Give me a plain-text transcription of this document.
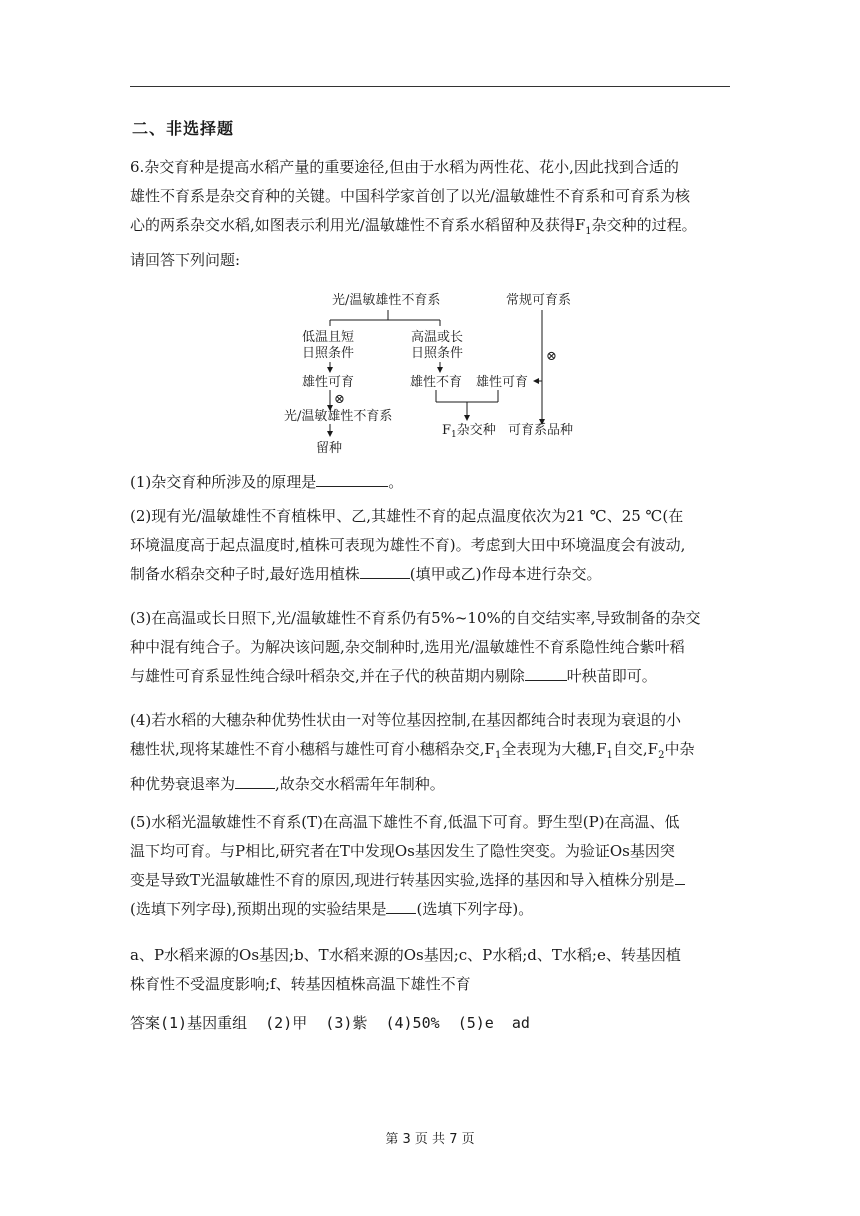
二、非选择题
6.杂交育种是提高水稻产量的重要途径,但由于水稻为两性花、花小,因此找到合适的
雄性不育系是杂交育种的关键。中国科学家首创了以光/温敏雄性不育系和可育系为核
心的两系杂交水稻,如图表示利用光/温敏雄性不育系水稻留种及获得$F_1$杂交种的过程。
请回答下列问题:
光/温敏雄性不育系	常规可育系
低温且短
日照条件
高温或长
日照条件
雄性可育	雄性不育 雄性可育
⊗
光/温敏雄性不育系
留种
⊗
$F_1$杂交种 可育系品种
(1)杂交育种所涉及的原理是	。
(2)现有光/温敏雄性不育植株甲、乙,其雄性不育的起点温度依次为21 ℃、25 ℃(在
环境温度高于起点温度时,植株可表现为雄性不育)。考虑到大田中环境温度会有波动,
制备水稻杂交种子时,最好选用植株	(填甲或乙)作母本进行杂交。
(3)在高温或长日照下,光/温敏雄性不育系仍有5%~10%的自交结实率,导致制备的杂交
种中混有纯合子。为解决该问题,杂交制种时,选用光/温敏雄性不育系隐性纯合紫叶稻
与雄性可育系显性纯合绿叶稻杂交,并在子代的秧苗期内剔除	叶秧苗即可。
(4)若水稻的大穗杂种优势性状由一对等位基因控制,在基因都纯合时表现为衰退的小
穗性状,现将某雄性不育小穗稻与雄性可育小穗稻杂交$,F_1$全表现为大穗$,F_1$自交$,F_2$中杂
种优势衰退率为	,故杂交水稻需年年制种。
(5)水稻光温敏雄性不育系(T)在高温下雄性不育,低温下可育。野生型(P)在高温、低
温下均可育。与P相比,研究者在T中发现Os基因发生了隐性突变。为验证Os基因突
变是导致T光温敏雄性不育的原因,现进行转基因实验,选择的基因和导入植株分别是
(选填下列字母),预期出现的实验结果是 (选填下列字母)。
a、P水稻来源的Os基因;b、T水稻来源的Os基因;c、P水稻;d、T水稻;e、转基因植
株育性不受温度影响;f、转基因植株高温下雄性不育
答案(1)基因重组  (2)甲  (3)紫  (4)50%  (5)e  ad
第 3 页 共 7 页
